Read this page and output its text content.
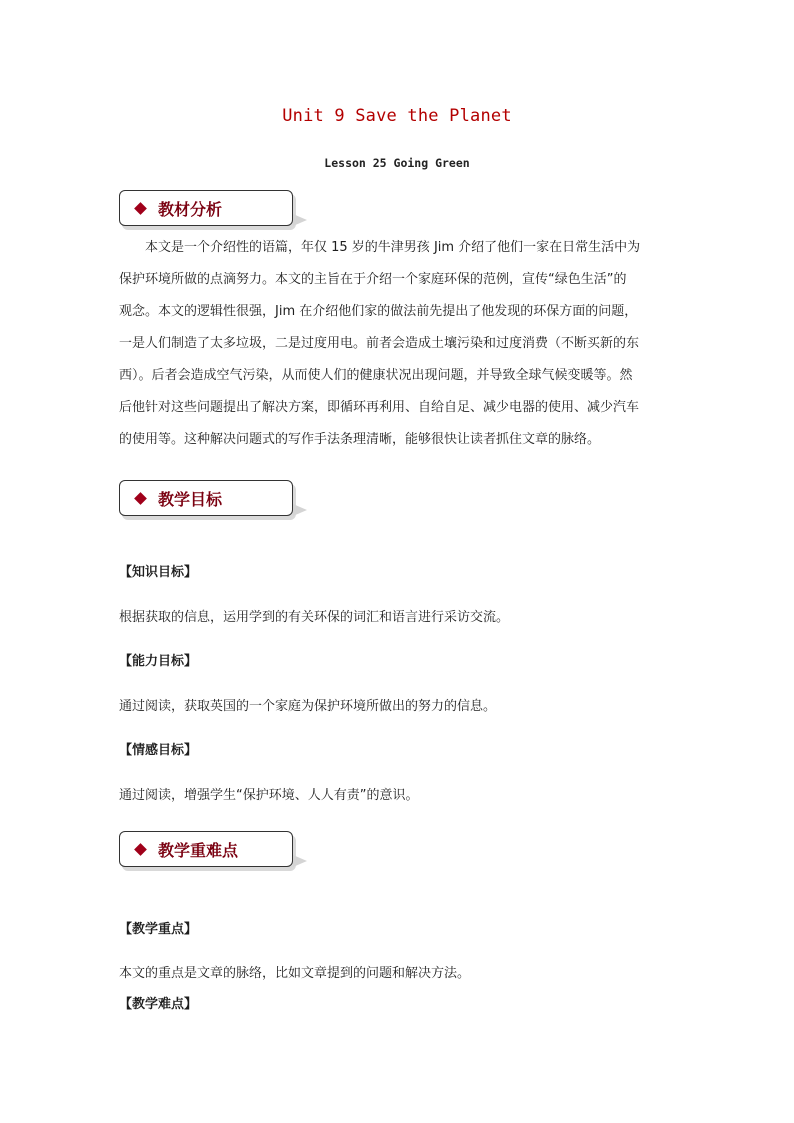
Unit 9 Save the Planet
Lesson 25 Going Green
教材分析
本文是一个介绍性的语篇，年仅 15 岁的牛津男孩 Jim 介绍了他们一家在日常生活中为
保护环境所做的点滴努力。本文的主旨在于介绍一个家庭环保的范例，宣传“绿色生活”的
观念。本文的逻辑性很强，Jim 在介绍他们家的做法前先提出了他发现的环保方面的问题，
一是人们制造了太多垃圾，二是过度用电。前者会造成土壤污染和过度消费（不断买新的东
西）。后者会造成空气污染，从而使人们的健康状况出现问题，并导致全球气候变暖等。然
后他针对这些问题提出了解决方案，即循环再利用、自给自足、减少电器的使用、减少汽车
的使用等。这种解决问题式的写作手法条理清晰，能够很快让读者抓住文章的脉络。
教学目标
【知识目标】
根据获取的信息，运用学到的有关环保的词汇和语言进行采访交流。
【能力目标】
通过阅读，获取英国的一个家庭为保护环境所做出的努力的信息。
【情感目标】
通过阅读，增强学生“保护环境、人人有责”的意识。
教学重难点
【教学重点】
本文的重点是文章的脉络，比如文章提到的问题和解决方法。
【教学难点】
